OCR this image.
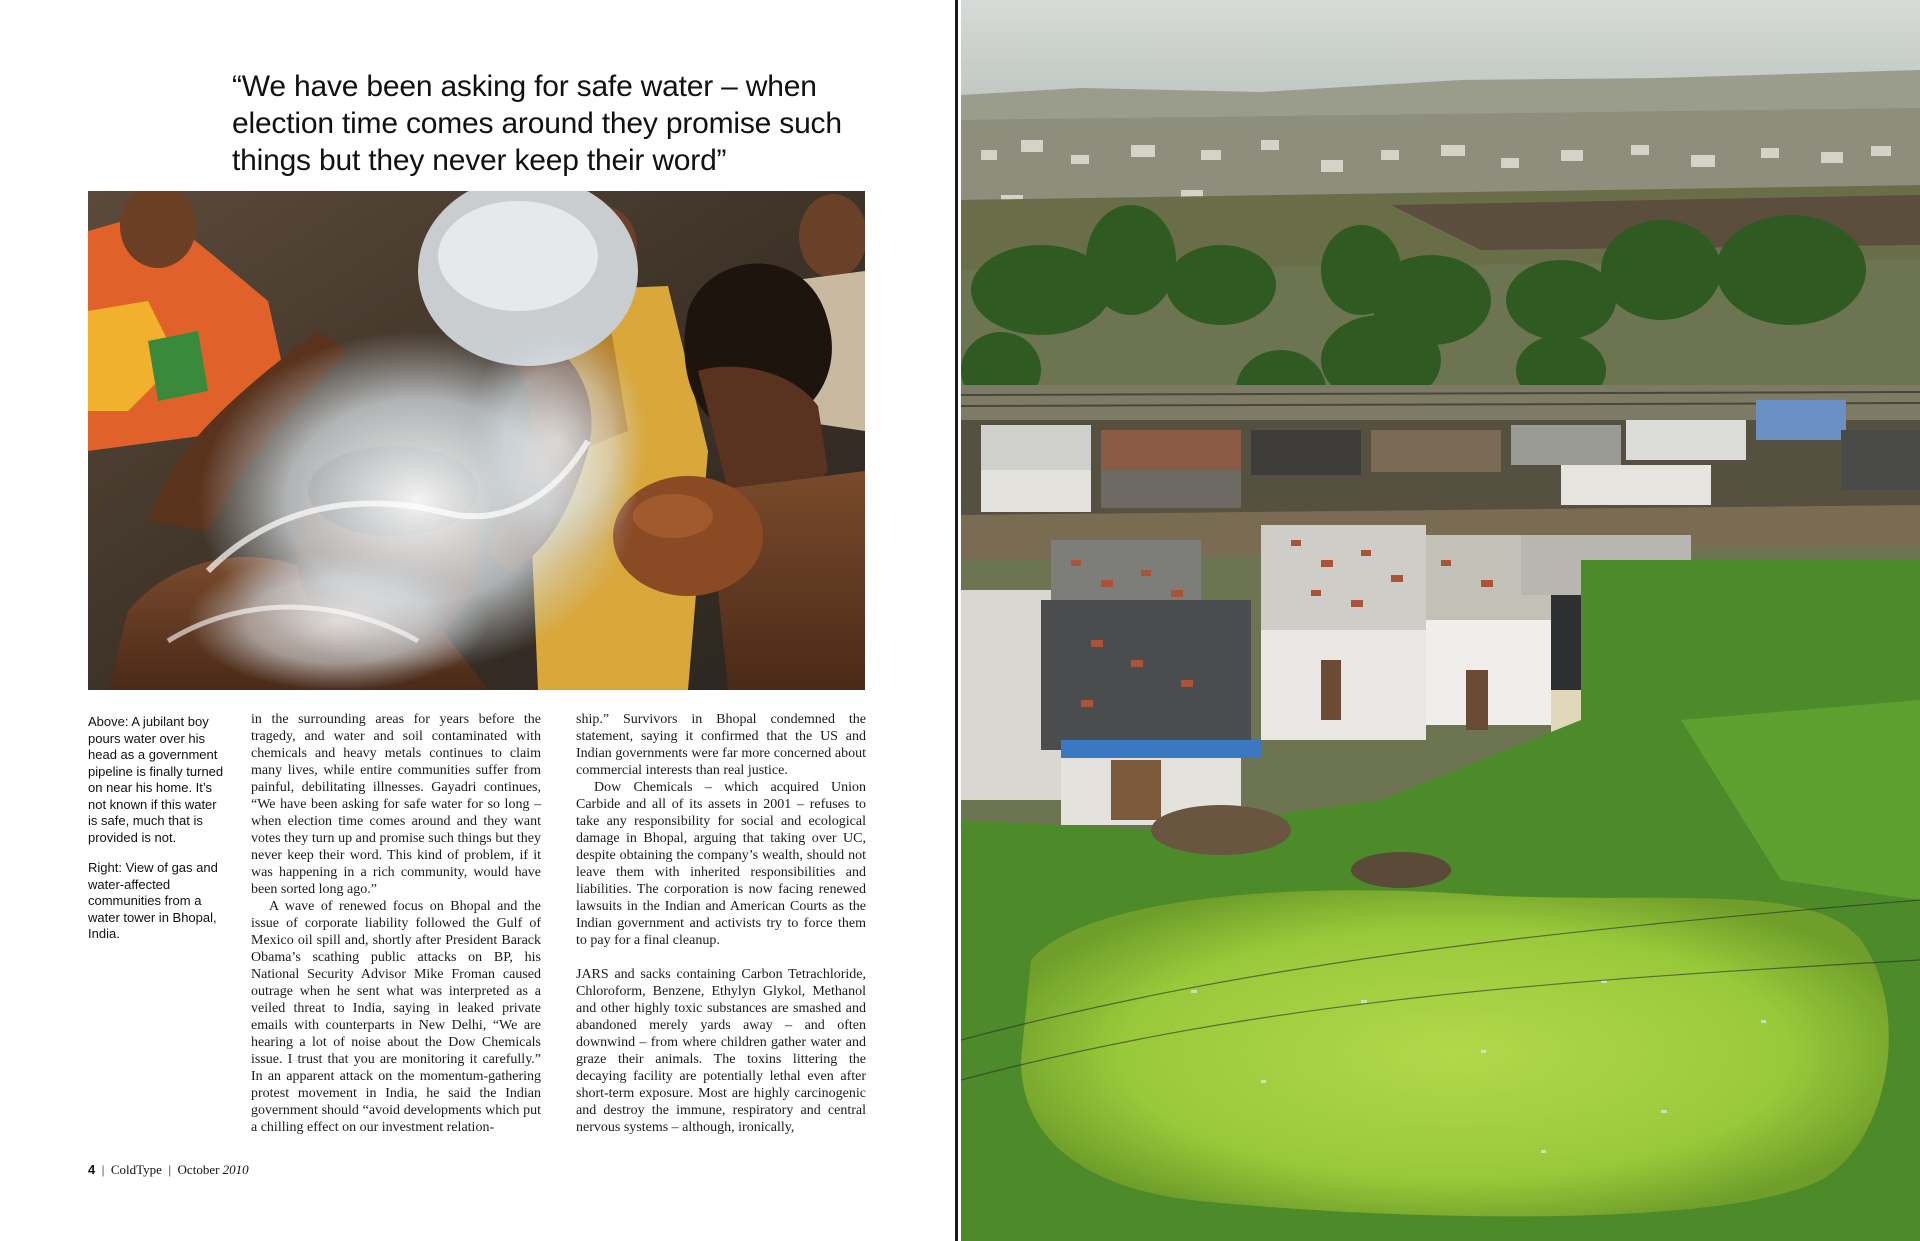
“We have been asking for safe water – when
election time comes around they promise such
things but they never keep their word”

Above: A jubilant boy pours water over his head as a government pipeline is finally turned on near his home. It’s not known if this water is safe, much that is provided is not.

Right: View of gas and water-affected communities from a water tower in Bhopal, India.

in the surrounding areas for years before the tragedy, and water and soil contaminated with chemicals and heavy metals continues to claim many lives, while entire communities suffer from painful, debilitating illnesses. Gayadri continues, “We have been asking for safe water for so long – when election time comes around and they want votes they turn up and promise such things but they never keep their word. This kind of problem, if it was happening in a rich community, would have been sorted long ago.”

A wave of renewed focus on Bhopal and the issue of corporate liability followed the Gulf of Mexico oil spill and, shortly after President Barack Obama’s scathing public attacks on BP, his National Security Advisor Mike Froman caused outrage when he sent what was interpreted as a veiled threat to India, saying in leaked private emails with counterparts in New Delhi, “We are hearing a lot of noise about the Dow Chemicals issue. I trust that you are monitoring it carefully.” In an apparent attack on the momentum-gathering protest movement in India, he said the Indian government should “avoid developments which put a chilling effect on our investment relation-

ship.” Survivors in Bhopal condemned the statement, saying it confirmed that the US and Indian governments were far more concerned about commercial interests than real justice.

Dow Chemicals – which acquired Union Carbide and all of its assets in 2001 – refuses to take any responsibility for social and ecological damage in Bhopal, arguing that taking over UC, despite obtaining the company’s wealth, should not leave them with inherited responsibilities and liabilities. The corporation is now facing renewed lawsuits in the Indian and American Courts as the Indian government and activists try to force them to pay for a final cleanup.

JARS and sacks containing Carbon Tetrachloride, Chloroform, Benzene, Ethylyn Glykol, Methanol and other highly toxic substances are smashed and abandoned merely yards away – and often downwind – from where children gather water and graze their animals. The toxins littering the decaying facility are potentially lethal even after short-term exposure. Most are highly carcinogenic and destroy the immune, respiratory and central nervous systems – although, ironically,

4 | ColdType | October 2010
